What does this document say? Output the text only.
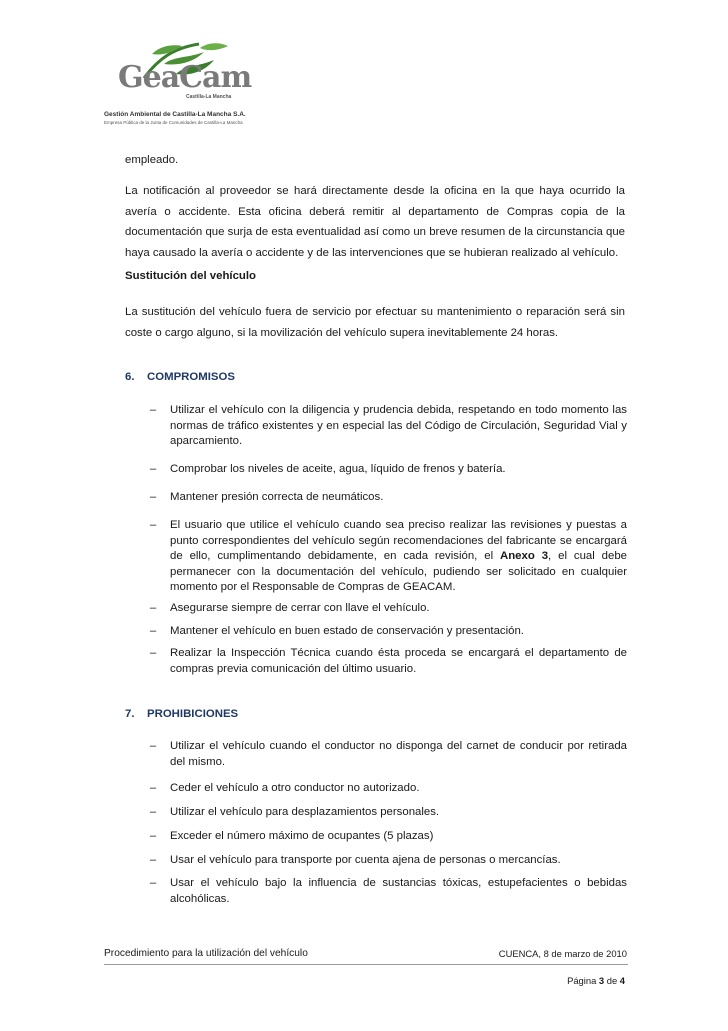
GeaCam
Castilla-La Mancha
Gestión Ambiental de Castilla-La Mancha S.A.
Empresa Pública de la Junta de Comunidades de Castilla-La Mancha

empleado.

La notificación al proveedor se hará directamente desde la oficina en la que haya ocurrido la avería o accidente. Esta oficina deberá remitir al departamento de Compras copia de la documentación que surja de esta eventualidad así como un breve resumen de la circunstancia que haya causado la avería o accidente y de las intervenciones que se hubieran realizado al vehículo.

Sustitución del vehículo

La sustitución del vehículo fuera de servicio por efectuar su mantenimiento o reparación será sin coste o cargo alguno, si la movilización del vehículo supera inevitablemente 24 horas.

6. COMPROMISOS
– Utilizar el vehículo con la diligencia y prudencia debida, respetando en todo momento las normas de tráfico existentes y en especial las del Código de Circulación, Seguridad Vial y aparcamiento.
– Comprobar los niveles de aceite, agua, líquido de frenos y batería.
– Mantener presión correcta de neumáticos.
– El usuario que utilice el vehículo cuando sea preciso realizar las revisiones y puestas a punto correspondientes del vehículo según recomendaciones del fabricante se encargará de ello, cumplimentando debidamente, en cada revisión, el Anexo 3, el cual debe permanecer con la documentación del vehículo, pudiendo ser solicitado en cualquier momento por el Responsable de Compras de GEACAM.
– Asegurarse siempre de cerrar con llave el vehículo.
– Mantener el vehículo en buen estado de conservación y presentación.
– Realizar la Inspección Técnica cuando ésta proceda se encargará el departamento de compras previa comunicación del último usuario.
7. PROHIBICIONES
– Utilizar el vehículo cuando el conductor no disponga del carnet de conducir por retirada del mismo.
– Ceder el vehículo a otro conductor no autorizado.
– Utilizar el vehículo para desplazamientos personales.
– Exceder el número máximo de ocupantes (5 plazas)
– Usar el vehículo para transporte por cuenta ajena de personas o mercancías.
– Usar el vehículo bajo la influencia de sustancias tóxicas, estupefacientes o bebidas alcohólicas.
Procedimiento para la utilización del vehículo	CUENCA, 8 de marzo de 2010
Página 3 de 4
